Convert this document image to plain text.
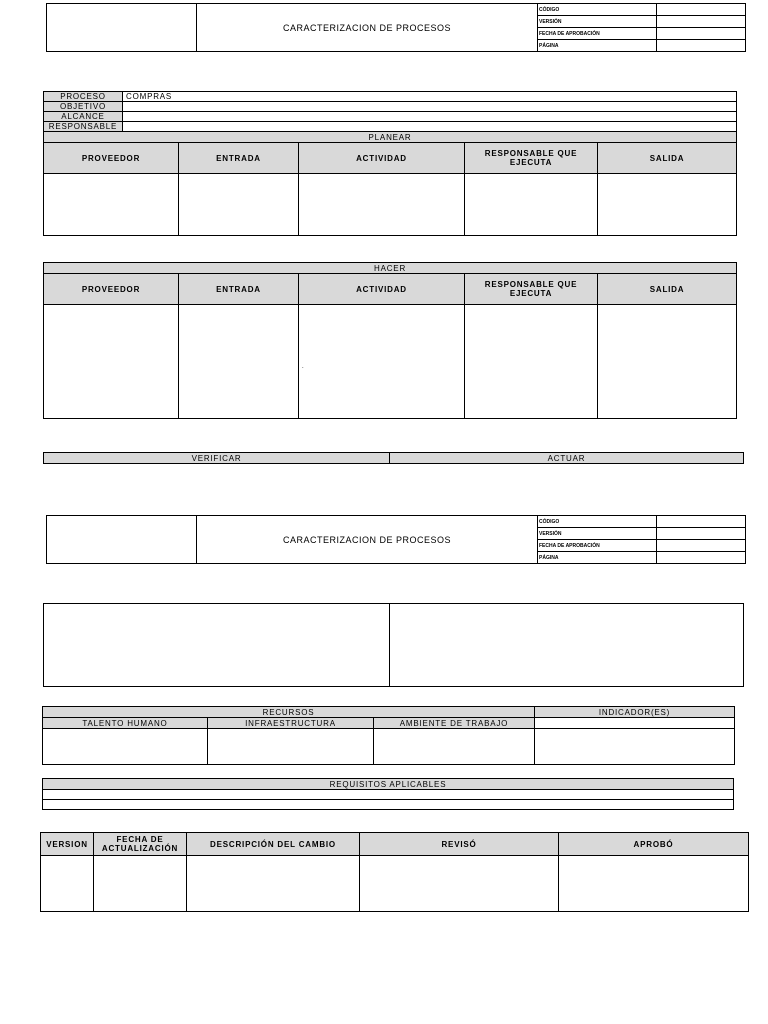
	CARACTERIZACION DE PROCESOS	CÓDIGO	
		VERSIÓN	
		FECHA DE APROBACIÓN	
		PÁGINA	
PROCESO	COMPRAS				
OBJETIVO					
ALCANCE					
RESPONSABLE					
PLANEAR					
PROVEEDOR		ENTRADA	ACTIVIDAD	RESPONSABLE QUE EJECUTA	SALIDA

HACER				
PROVEEDOR	ENTRADA	ACTIVIDAD	RESPONSABLE QUE EJECUTA	SALIDA

.
VERIFICAR	ACTUAR
	CARACTERIZACION DE PROCESOS	CÓDIGO	
		VERSIÓN	
		FECHA DE APROBACIÓN	
		PÁGINA	

RECURSOS			INDICADOR(ES)
TALENTO HUMANO	INFRAESTRUCTURA	AMBIENTE DE TRABAJO	

REQUISITOS APLICABLES

VERSION	FECHA DE ACTUALIZACIÓN	DESCRIPCIÓN DEL CAMBIO	REVISÓ	APROBÓ
